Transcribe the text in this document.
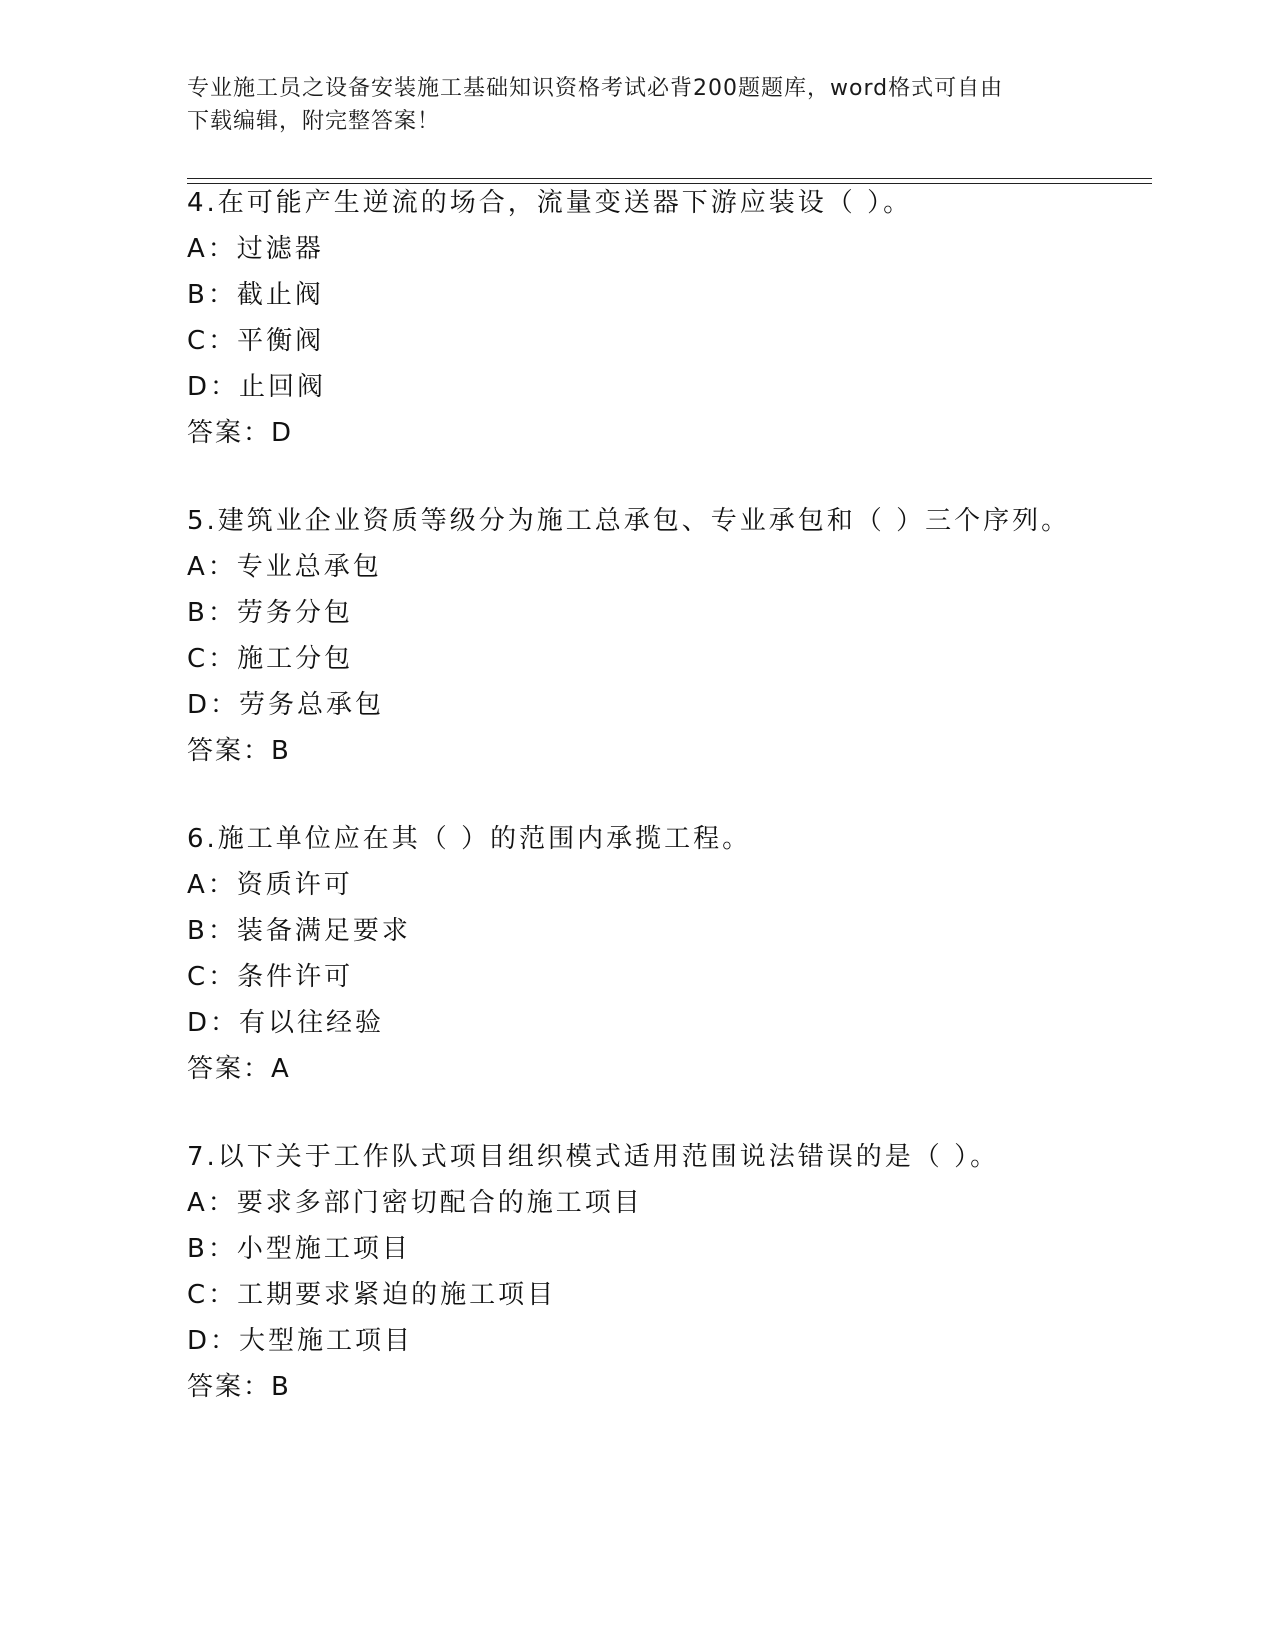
专业施工员之设备安装施工基础知识资格考试必背200题题库，word格式可自由
下载编辑，附完整答案！
4.在可能产生逆流的场合，流量变送器下游应装设（ ）。
A：过滤器
B：截止阀
C：平衡阀
D：止回阀
答案：D
5.建筑业企业资质等级分为施工总承包、专业承包和（ ）三个序列。
A：专业总承包
B：劳务分包
C：施工分包
D：劳务总承包
答案：B
6.施工单位应在其（ ）的范围内承揽工程。
A：资质许可
B：装备满足要求
C：条件许可
D：有以往经验
答案：A
7.以下关于工作队式项目组织模式适用范围说法错误的是（ ）。
A：要求多部门密切配合的施工项目
B：小型施工项目
C：工期要求紧迫的施工项目
D：大型施工项目
答案：B
